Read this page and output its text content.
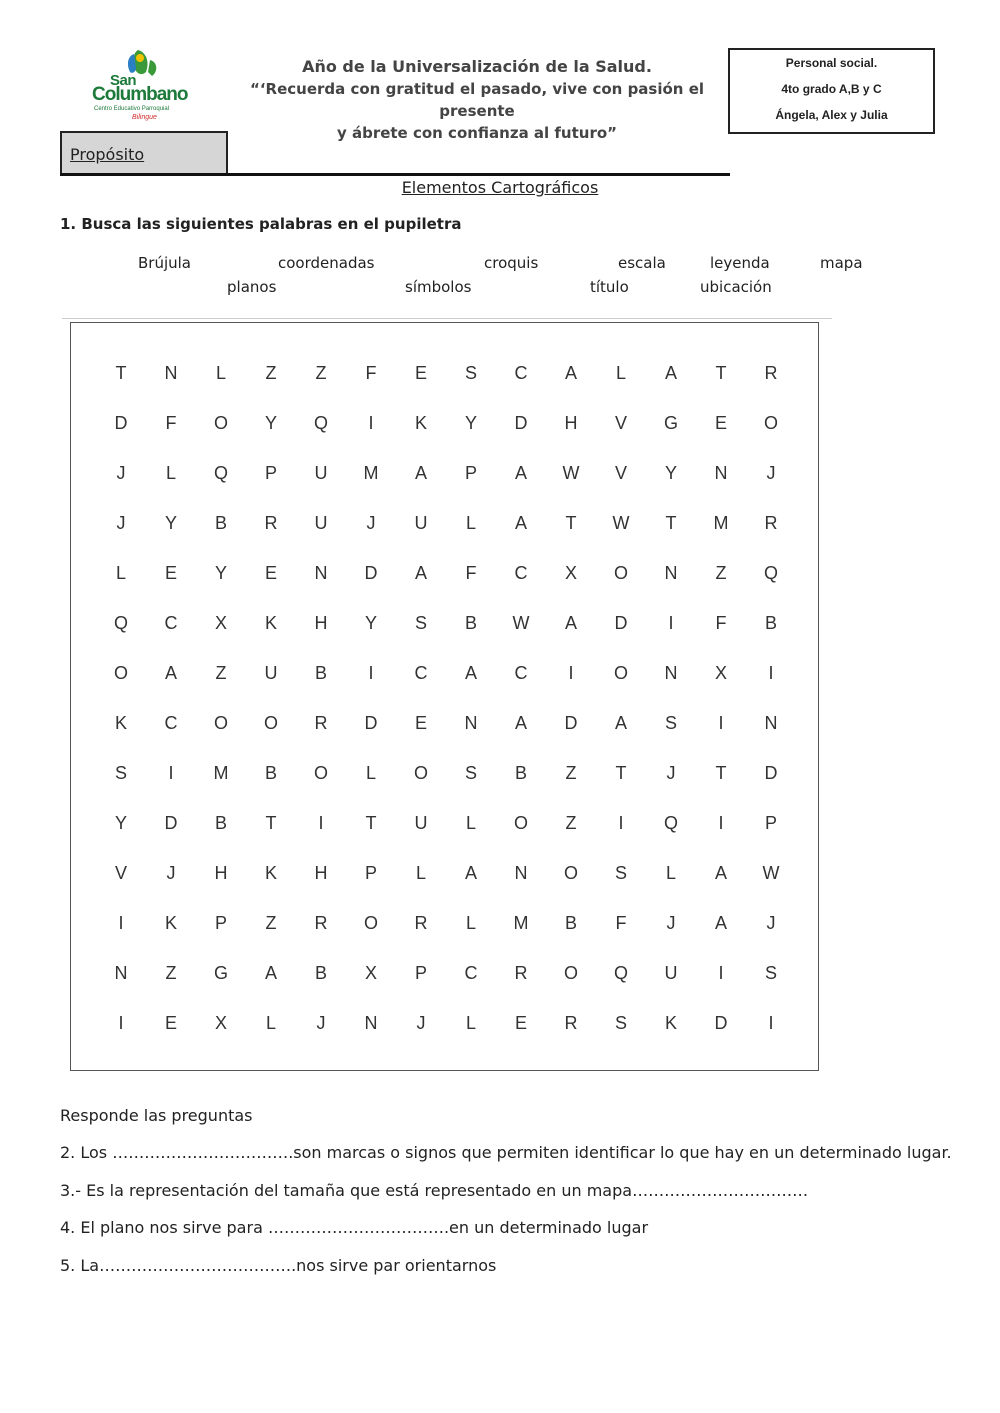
San
Columbano
Centro Educativo Parroquial
Bilingue
Año de la Universalización de la Salud.
“‘Recuerda con gratitud el pasado, vive con pasión el presente
y ábrete con confianza al futuro”
Personal social.
4to grado A,B y C
Ángela, Alex y Julia
Propósito
Elementos Cartográficos
1. Busca las siguientes palabras en el pupiletra
Brújula	coordenadas	croquis	escala	leyenda	mapa
planos	símbolos	título	ubicación
T	N	L	Z	Z	F	E	S	C	A	L	A	T	R
D	F	O	Y	Q	I	K	Y	D	H	V	G	E	O
J	L	Q	P	U	M	A	P	A	W	V	Y	N	J
J	Y	B	R	U	J	U	L	A	T	W	T	M	R
L	E	Y	E	N	D	A	F	C	X	O	N	Z	Q
Q	C	X	K	H	Y	S	B	W	A	D	I	F	B
O	A	Z	U	B	I	C	A	C	I	O	N	X	I
K	C	O	O	R	D	E	N	A	D	A	S	I	N
S	I	M	B	O	L	O	S	B	Z	T	J	T	D
Y	D	B	T	I	T	U	L	O	Z	I	Q	I	P
V	J	H	K	H	P	L	A	N	O	S	L	A	W
I	K	P	Z	R	O	R	L	M	B	F	J	A	J
N	Z	G	A	B	X	P	C	R	O	Q	U	I	S
I	E	X	L	J	N	J	L	E	R	S	K	D	I
Responde las preguntas
2. Los …………………………….son marcas o signos que permiten identificar lo que hay en un determinado lugar.
3.- Es la representación del tamaña que está representado en un mapa……………………………
4. El plano nos sirve para …………………………….en un determinado lugar
5. La……………………………….nos sirve par orientarnos
